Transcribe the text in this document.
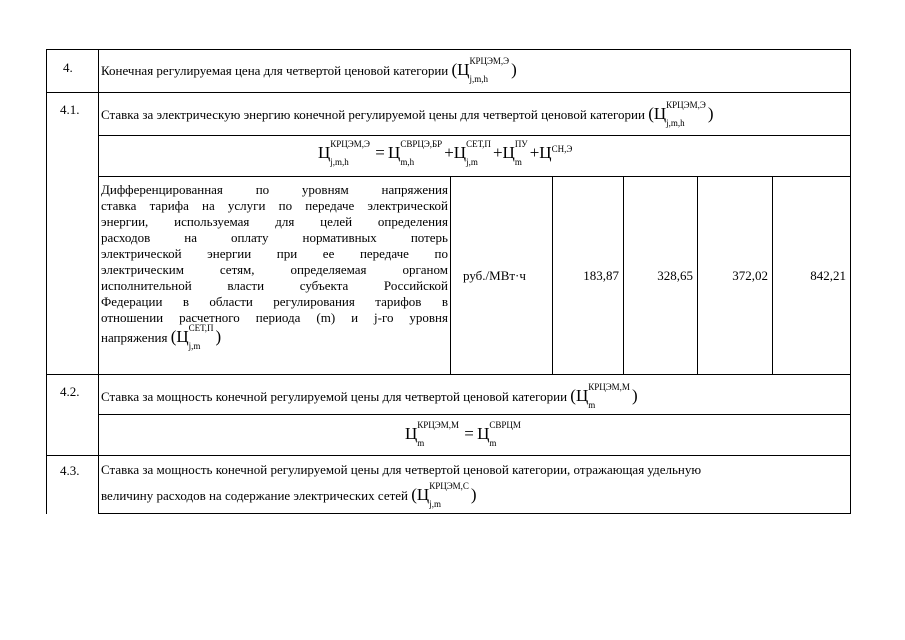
4. Конечная регулируемая цена для четвертой ценовой категории (Ц КРЦЭМ,Э
j,m,h
)
4.1. Ставка за электрическую энергию конечной регулируемой цены для четвертой ценовой категории (Ц КРЦЭМ,Э
j,m,h
)
Ц КРЦЭМ,Э
j,m,h
= Ц СВРЦЭ,БР
m,h
+Ц СЕТ,П
j,m
+Ц ПУ
m
+Ц СН,Э
Дифференцированная по уровням напряжения
ставка тарифа на услуги по передаче электрической
энергии, используемая для целей определения
расходов на оплату нормативных потерь
электрической энергии при ее передаче по
электрическим сетям, определяемая органом
исполнительной власти субъекта Российской
Федерации в области регулирования тарифов в
отношении расчетного периода (m) и j-го уровня
напряжения (Ц СЕТ,П
j,m
)
руб./МВт·ч	183,87	328,65	372,02	842,21
4.2. Ставка за мощность конечной регулируемой цены для четвертой ценовой категории (Ц КРЦЭМ,М
m
)
Ц КРЦЭМ,М
m
= Ц СВРЦМ
m
4.3. Ставка за мощность конечной регулируемой цены для четвертой ценовой категории, отражающая удельную
величину расходов на содержание электрических сетей (Ц КРЦЭМ,С
j,m
)
